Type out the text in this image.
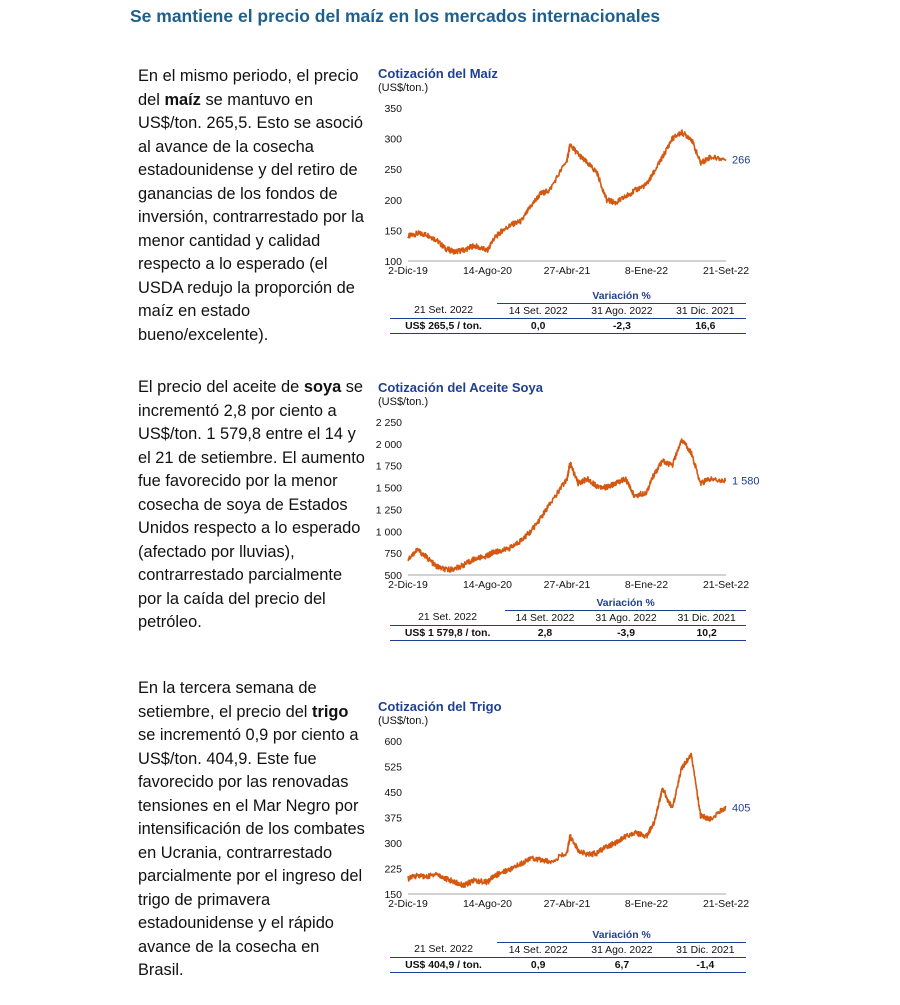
Se mantiene el precio del maíz en los mercados internacionales
En el mismo periodo, el precio del maíz se mantuvo en US$/ton. 265,5. Esto se asoció al avance de la cosecha estadounidense y del retiro de ganancias de los fondos de inversión, contrarrestado por la menor cantidad y calidad respecto a lo esperado (el USDA redujo la proporción de maíz en estado bueno/excelente).
Cotización del Maíz
(US$/ton.)
100
150
200
250
300
350
2-Dic-19	14-Ago-20	27-Abr-21	8-Ene-22	21-Set-22
266
	Variación %		
21 Set. 2022	14 Set. 2022	31 Ago. 2022	31 Dic. 2021
US$ 265,5 / ton.	0,0	-2,3	16,6
El precio del aceite de soya se incrementó 2,8 por ciento a US$/ton. 1 579,8 entre el 14 y el 21 de setiembre. El aumento fue favorecido por la menor cosecha de soya de Estados Unidos respecto a lo esperado (afectado por lluvias), contrarrestado parcialmente por la caída del precio del petróleo.
Cotización del Aceite Soya
(US$/ton.)
500
750
1 000
1 250
1 500
1 750
2 000
2 250
2-Dic-19	14-Ago-20	27-Abr-21	8-Ene-22	21-Set-22
1 580
	Variación %		
21 Set. 2022	14 Set. 2022	31 Ago. 2022	31 Dic. 2021
US$ 1 579,8 / ton.	2,8	-3,9	10,2
En la tercera semana de setiembre, el precio del trigo se incrementó 0,9 por ciento a US$/ton. 404,9. Este fue favorecido por las renovadas tensiones en el Mar Negro por intensificación de los combates en Ucrania, contrarrestado parcialmente por el ingreso del trigo de primavera estadounidense y el rápido avance de la cosecha en Brasil.
Cotización del Trigo
(US$/ton.)
150
225
300
375
450
525
600
2-Dic-19	14-Ago-20	27-Abr-21	8-Ene-22	21-Set-22
405
	Variación %		
21 Set. 2022	14 Set. 2022	31 Ago. 2022	31 Dic. 2021
US$ 404,9 / ton.	0,9	6,7	-1,4
